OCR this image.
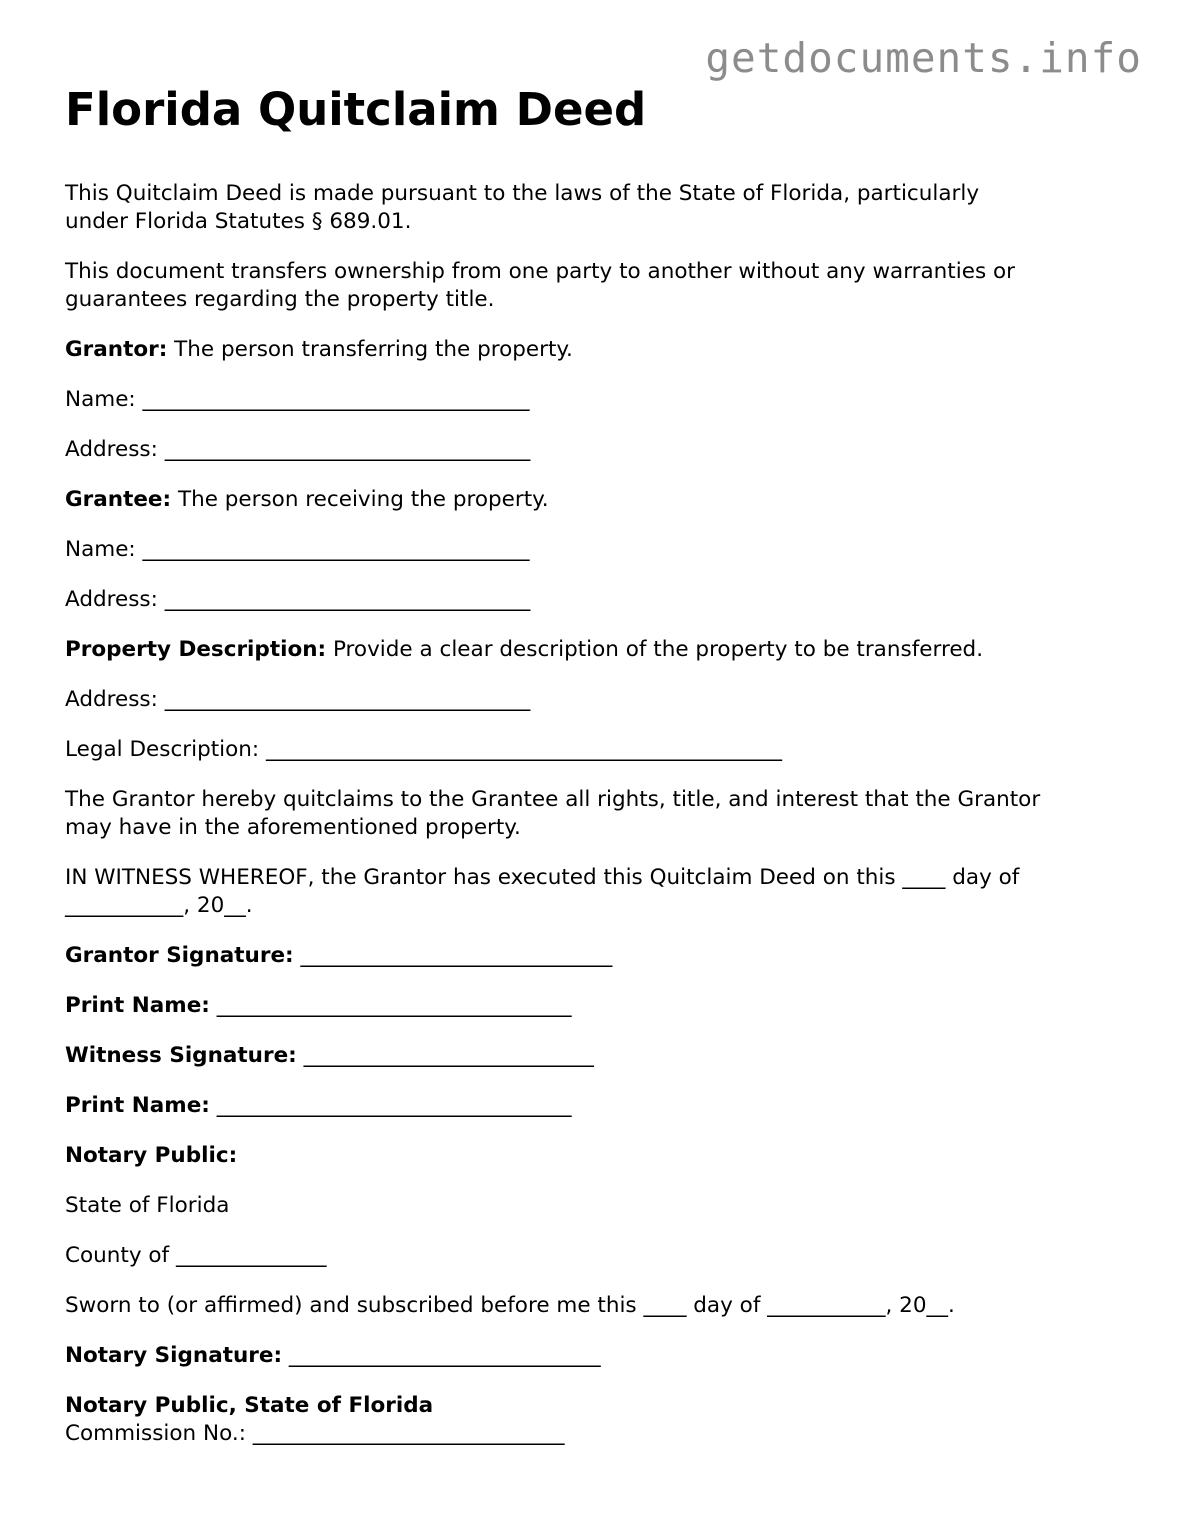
getdocuments.info
Florida Quitclaim Deed

This Quitclaim Deed is made pursuant to the laws of the State of Florida, particularly
under Florida Statutes § 689.01.

This document transfers ownership from one party to another without any warranties or
guarantees regarding the property title.

Grantor: The person transferring the property.

Name: ____________________________________

Address: __________________________________

Grantee: The person receiving the property.

Name: ____________________________________

Address: __________________________________

Property Description: Provide a clear description of the property to be transferred.

Address: __________________________________

Legal Description: ________________________________________________

The Grantor hereby quitclaims to the Grantee all rights, title, and interest that the Grantor
may have in the aforementioned property.

IN WITNESS WHEREOF, the Grantor has executed this Quitclaim Deed on this ____ day of
___________, 20__.

Grantor Signature: _____________________________

Print Name: _________________________________

Witness Signature: ___________________________

Print Name: _________________________________

Notary Public:

State of Florida

County of ______________

Sworn to (or affirmed) and subscribed before me this ____ day of ___________, 20__.

Notary Signature: _____________________________

Notary Public, State of Florida

Commission No.: _____________________________
